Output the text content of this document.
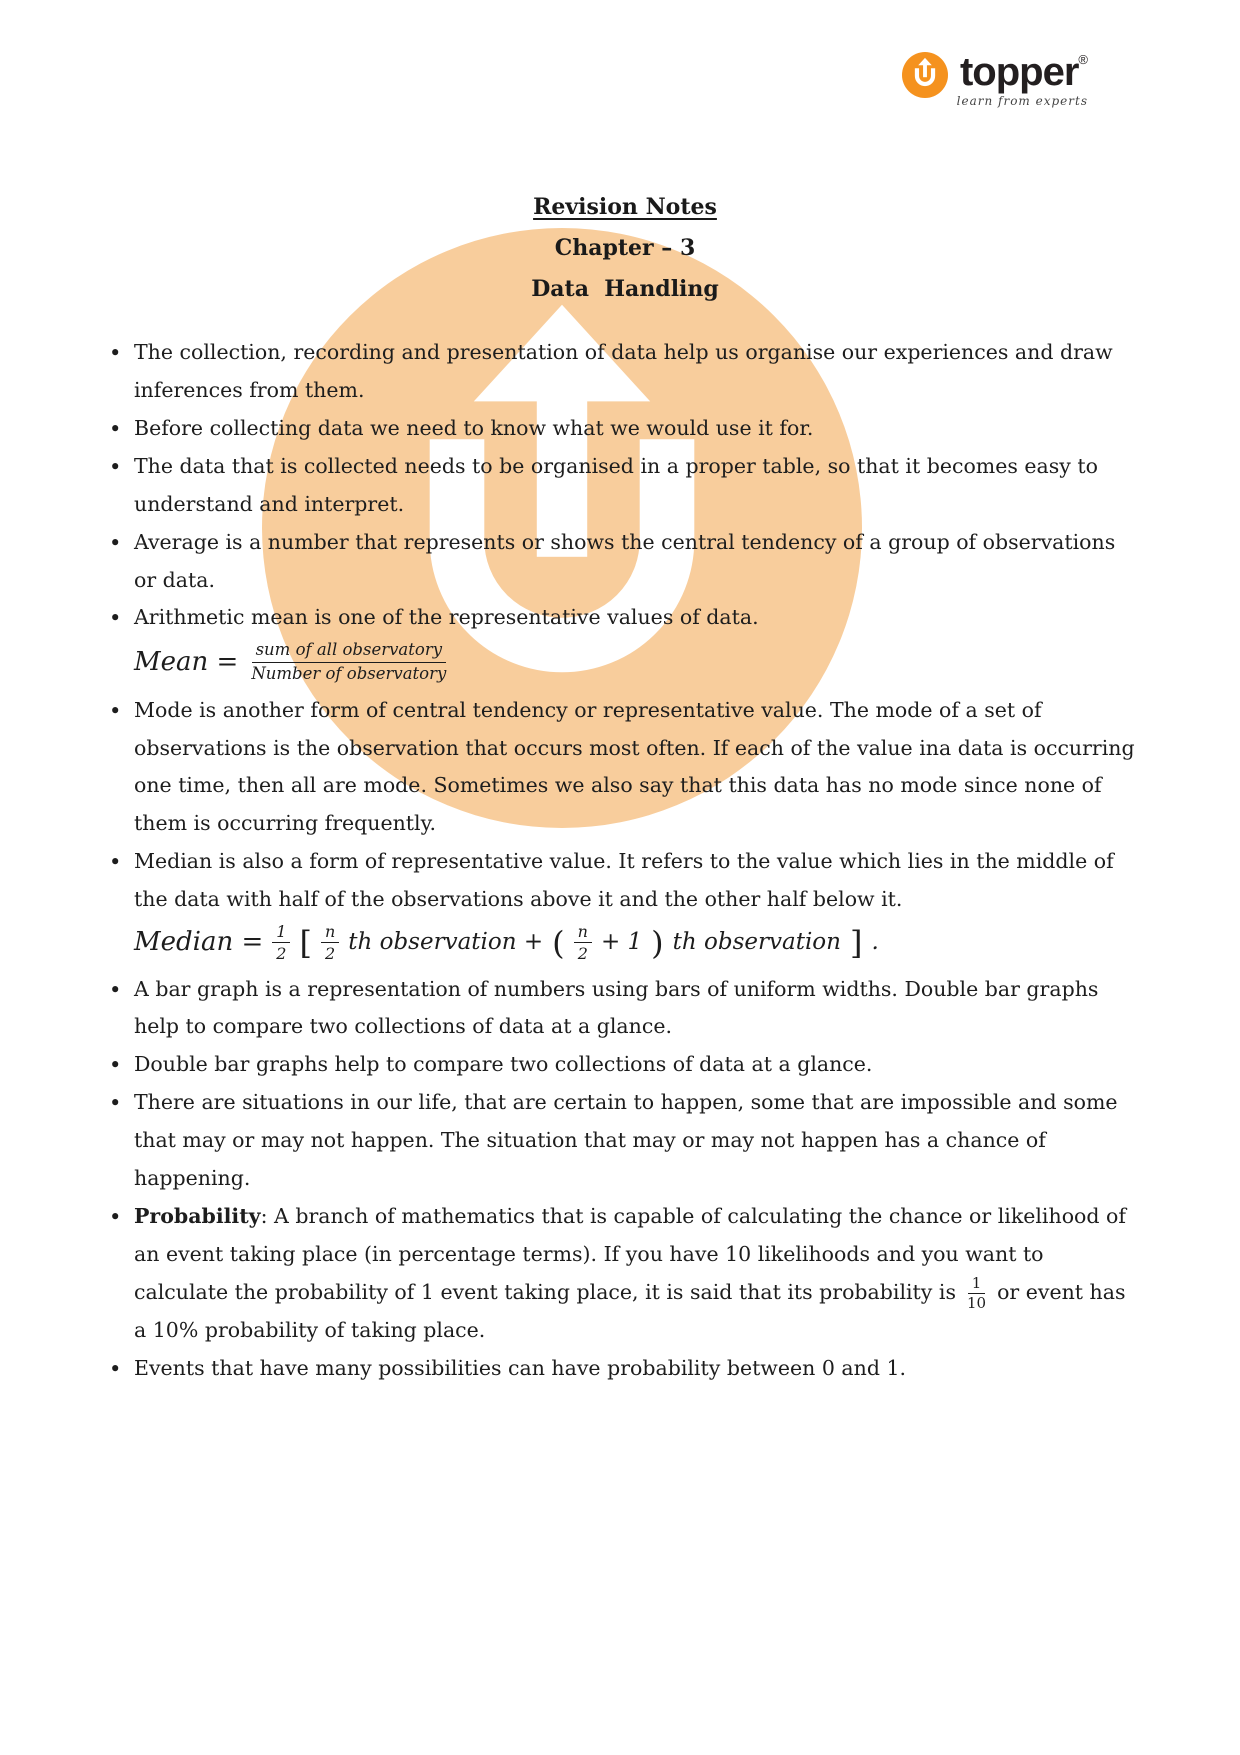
topper ®
learn from experts
Revision Notes
Chapter – 3
Data  Handling
• The collection, recording and presentation of data help us organise our experiences and draw inferences from them.
• Before collecting data we need to know what we would use it for.
• The data that is collected needs to be organised in a proper table, so that it becomes easy to understand and interpret.
• Average is a number that represents or shows the central tendency of a group of observations or data.
• Arithmetic mean is one of the representative values of data.
Mean = $\frac{\text{sum of all observatory}}{\text{Number of observatory}}$
• Mode is another form of central tendency or representative value. The mode of a set of observations is the observation that occurs most often. If each of the value ina data is occurring one time, then all are mode. Sometimes we also say that this data has no mode since none of them is occurring frequently.
• Median is also a form of representative value. It refers to the value which lies in the middle of the data with half of the observations above it and the other half below it.
Median = $\frac{1}{2}$ [ $\frac{n}{2}$ th observation + ( $\frac{n}{2} + 1$ ) th observation ] .
• A bar graph is a representation of numbers using bars of uniform widths. Double bar graphs help to compare two collections of data at a glance.
• Double bar graphs help to compare two collections of data at a glance.
• There are situations in our life, that are certain to happen, some that are impossible and some that may or may not happen. The situation that may or may not happen has a chance of happening.
• Probability: A branch of mathematics that is capable of calculating the chance or likelihood of an event taking place (in percentage terms). If you have 10 likelihoods and you want to calculate the probability of 1 event taking place, it is said that its probability is $\frac{1}{10}$ or event has a 10% probability of taking place.
• Events that have many possibilities can have probability between 0 and 1.
